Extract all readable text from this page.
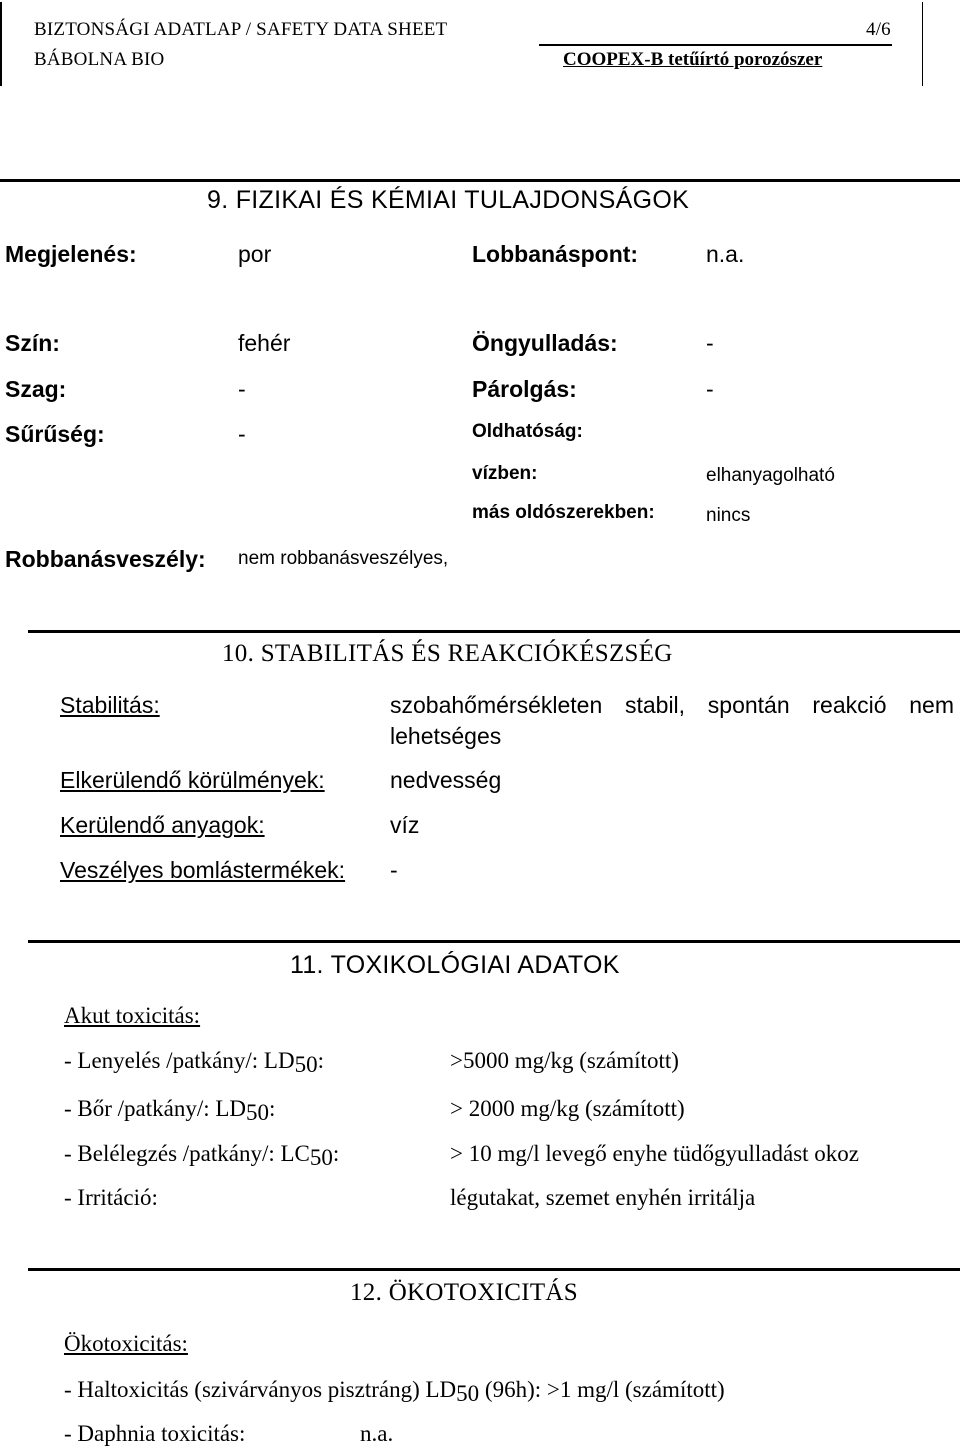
BIZTONSÁGI ADATLAP / SAFETY DATA SHEET	4/6
BÁBOLNA BIO	COOPEX-B tetűírtó porozószer
9. FIZIKAI ÉS KÉMIAI TULAJDONSÁGOK
Megjelenés:	por	Lobbanáspont:	n.a.
Szín:	fehér	Öngyulladás:	-
Szag:	-	Párolgás:	-
Sűrűség:	-	Oldhatóság:
vízben:	elhanyagolható
más oldószerekben:	nincs
Robbanásveszély: nem robbanásveszélyes,
10. STABILITÁS ÉS REAKCIÓKÉSZSÉG
Stabilitás:	szobahőmérsékleten stabil, spontán reakció nem
lehetséges
Elkerülendő körülmények:	nedvesség
Kerülendő anyagok:	víz
Veszélyes bomlástermékek: -
11. TOXIKOLÓGIAI ADATOK
Akut toxicitás:
- Lenyelés /patkány/: $LD_{50}$:	>5000 mg/kg (számított)
- Bőr /patkány/: $LD_{50}$:	> 2000 mg/kg (számított)
- Belélegzés /patkány/: $LC_{50}$:	> 10 mg/l levegő enyhe tüdőgyulladást okoz
- Irritáció:	légutakat, szemet enyhén irritálja
12. ÖKOTOXICITÁS
Ökotoxicitás:
- Haltoxicitás (szivárványos pisztráng) $LD_{50}$ (96h): >1 mg/l (számított)
- Daphnia toxicitás:	n.a.
